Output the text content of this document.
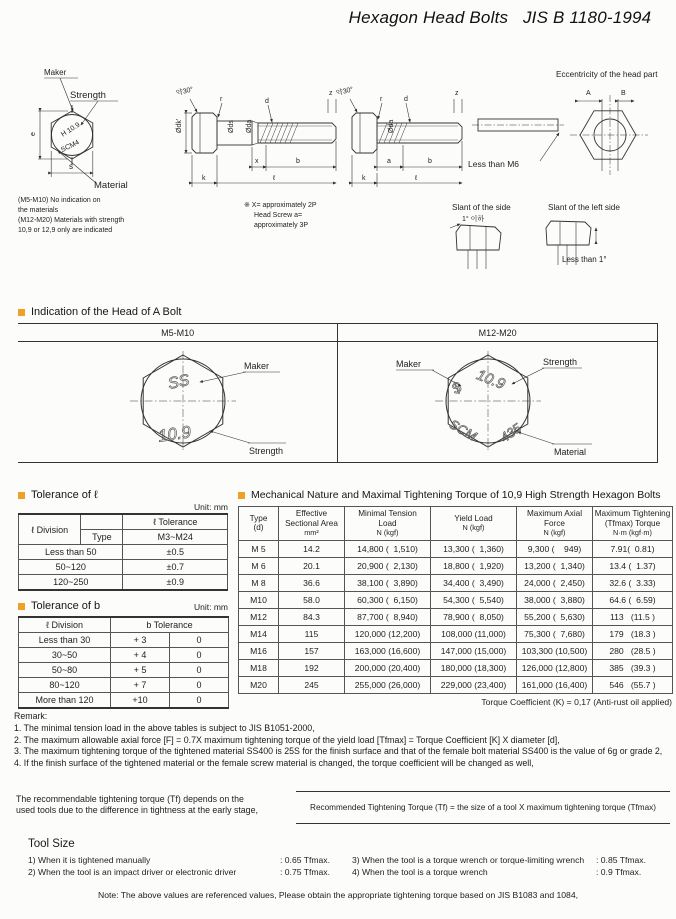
Hexagon Head Bolts   JIS B 1180-1994
Maker
Strength
e
s
Material
H 10.9
SCM4
(M5-M10) No indication on
the materials
(M12-M20) Materials with strength
10,9 or 12,9 only are indicated
약30°
r	d
z
Ødk'	Øds Øda
x	b
k	ℓ
※ X= approximately 2P
Head Screw a=
approximately 3P
약30°
r	d
z
Øda
a	b
k	ℓ
Less than M6
Eccentricity of the head part
A	B
Slant of the side
1° 이하
Slant of the left side
Less than 1°
Indication of the Head of A Bolt
M5-M10	M12-M20

SS
10.9
Maker
Strength

$ 10.9
SCM 435
Maker	Strength
Material
Tolerance of ℓ
Unit: mm
ℓ Division		ℓ Tolerance
	Type	M3~M24
Less than 50		±0.5
50~120		±0.7
120~250		±0.9
Tolerance of b	Unit: mm
ℓ Division	b Tolerance	
Less than 30	+ 3	0
30~50	+ 4	0
50~80	+ 5	0
80~120	+ 7	0
More than 120	+10	0
Mechanical Nature and Maximal Tightening Torque of 10,9 High Strength Hexagon Bolts
Type
(d)

Effective
Sectional Area
mm²

Minimal Tension
Load
N (kgf)

Yield Load
N (kgf)

Maximum Axial Force
N (kgf)

Maximum Tightening
(Tfmax) Torque
N·m (kgf·m)

M 5	14.2	14,800 (  1,510)	13,300 (  1,360)	9,300 (    949)	7.91(  0.81)
M 6	20.1	20,900 (  2,130)	18,800 (  1,920)	13,200 (  1,340)	13.4 (  1.37)
M 8	36.6	38,100 (  3,890)	34,400 (  3,490)	24,000 (  2,450)	32.6 (  3.33)
M10	58.0	60,300 (  6,150)	54,300 (  5,540)	38,000 (  3,880)	64.6 (  6.59)
M12	84.3	87,700 (  8,940)	78,900 (  8,050)	55,200 (  5,630)	113   (11.5 )
M14	115	120,000 (12,200)	108,000 (11,000)	75,300 (  7,680)	179   (18.3 )
M16	157	163,000 (16,600)	147,000 (15,000)	103,300 (10,500)	280   (28.5 )
M18	192	200,000 (20,400)	180,000 (18,300)	126,000 (12,800)	385   (39.3 )
M20	245	255,000 (26,000)	229,000 (23,400)	161,000 (16,400)	546   (55.7 )
Torque Coefficient (K) = 0,17 (Anti-rust oil applied)
Remark:
1. The minimal tension load in the above tables is subject to JIS B1051-2000,
2. The maximum allowable axial force [F] = 0.7X maximum tightening torque of the yield load [Tfmax] = Torque Coefficient [K] X diameter [d],
3. The maximum tightening torque of the tightened material SS400 is 25S for the finish surface and that of the female bolt material SS400 is the value of 6g or grade 2,
4. If the finish surface of the tightened material or the female screw material is changed, the torque coefficient will be changed as well,
The recommendable tightening torque (Tf) depends on the
used tools due to the difference in tightness at the early stage,	Recommended Tightening Torque (Tf) = the size of a tool X maximum tightening torque (Tfmax)
Tool Size
1) When it is tightened manually	: 0.65 Tfmax.
2) When the tool is an impact driver or electronic driver	: 0.75 Tfmax.
3) When the tool is a torque wrench or torque-limiting wrench : 0.85 Tfmax.
4) When the tool is a torque wrench	: 0.9 Tfmax.
Note: The above values are referenced values, Please obtain the appropriate tightening torque based on JIS B1083 and 1084,
